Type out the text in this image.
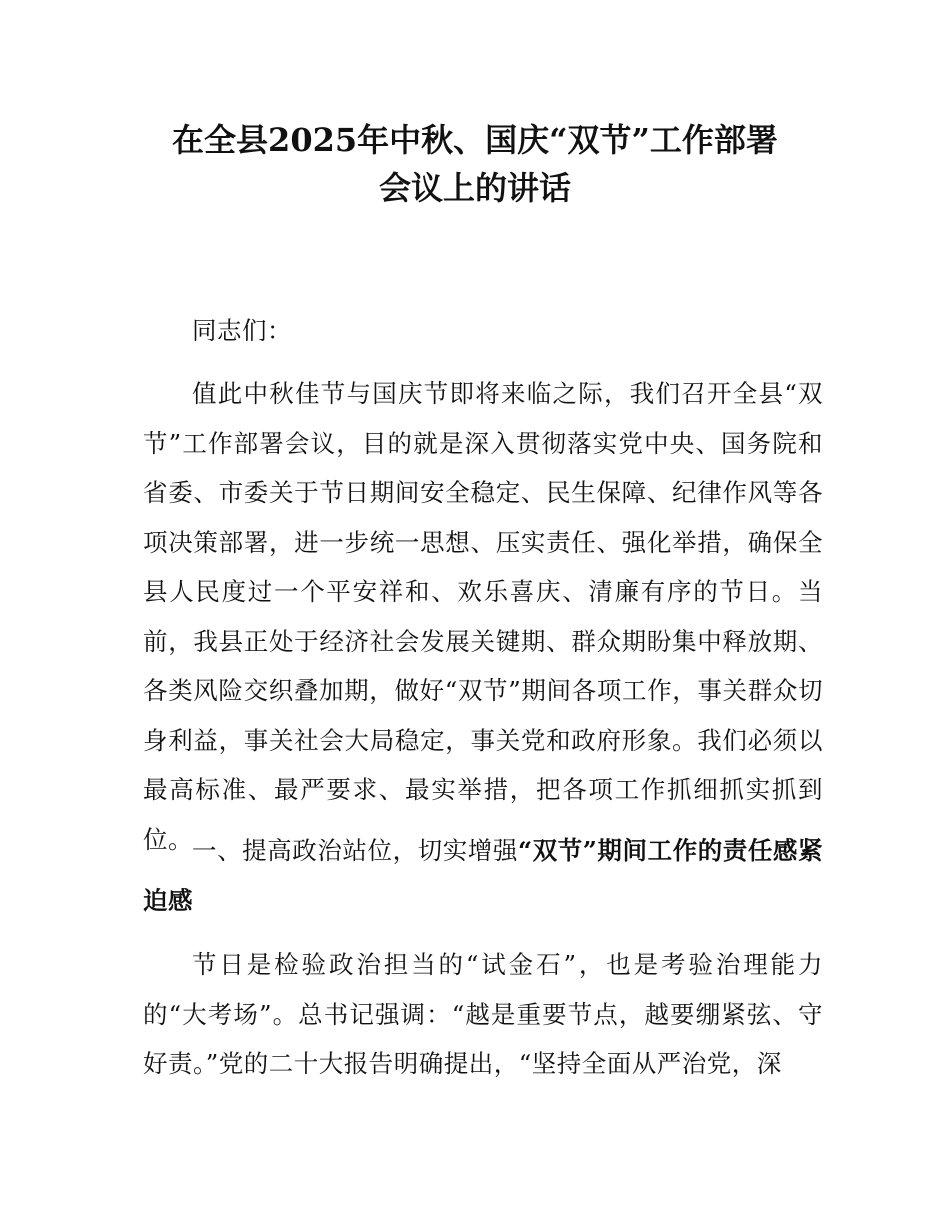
在全县2025年中秋、国庆“双节”工作部署
会议上的讲话
同志们：
值此中秋佳节与国庆节即将来临之际，我们召开全县“双节”工作部署会议，目的就是深入贯彻落实党中央、国务院和省委、市委关于节日期间安全稳定、民生保障、纪律作风等各项决策部署，进一步统一思想、压实责任、强化举措，确保全县人民度过一个平安祥和、欢乐喜庆、清廉有序的节日。当前，我县正处于经济社会发展关键期、群众期盼集中释放期、各类风险交织叠加期，做好“双节”期间各项工作，事关群众切身利益，事关社会大局稳定，事关党和政府形象。我们必须以最高标准、最严要求、最实举措，把各项工作抓细抓实抓到位。 一、提高政治站位，切实增强“双节”期间工作的责任感紧迫感
节日是检验政治担当的“试金石”，也是考验治理能力的“大考场”。总书记强调：“越是重要节点，越要绷紧弦、守好责。”党的二十大报告明确提出，“坚持全面从严治党，深
